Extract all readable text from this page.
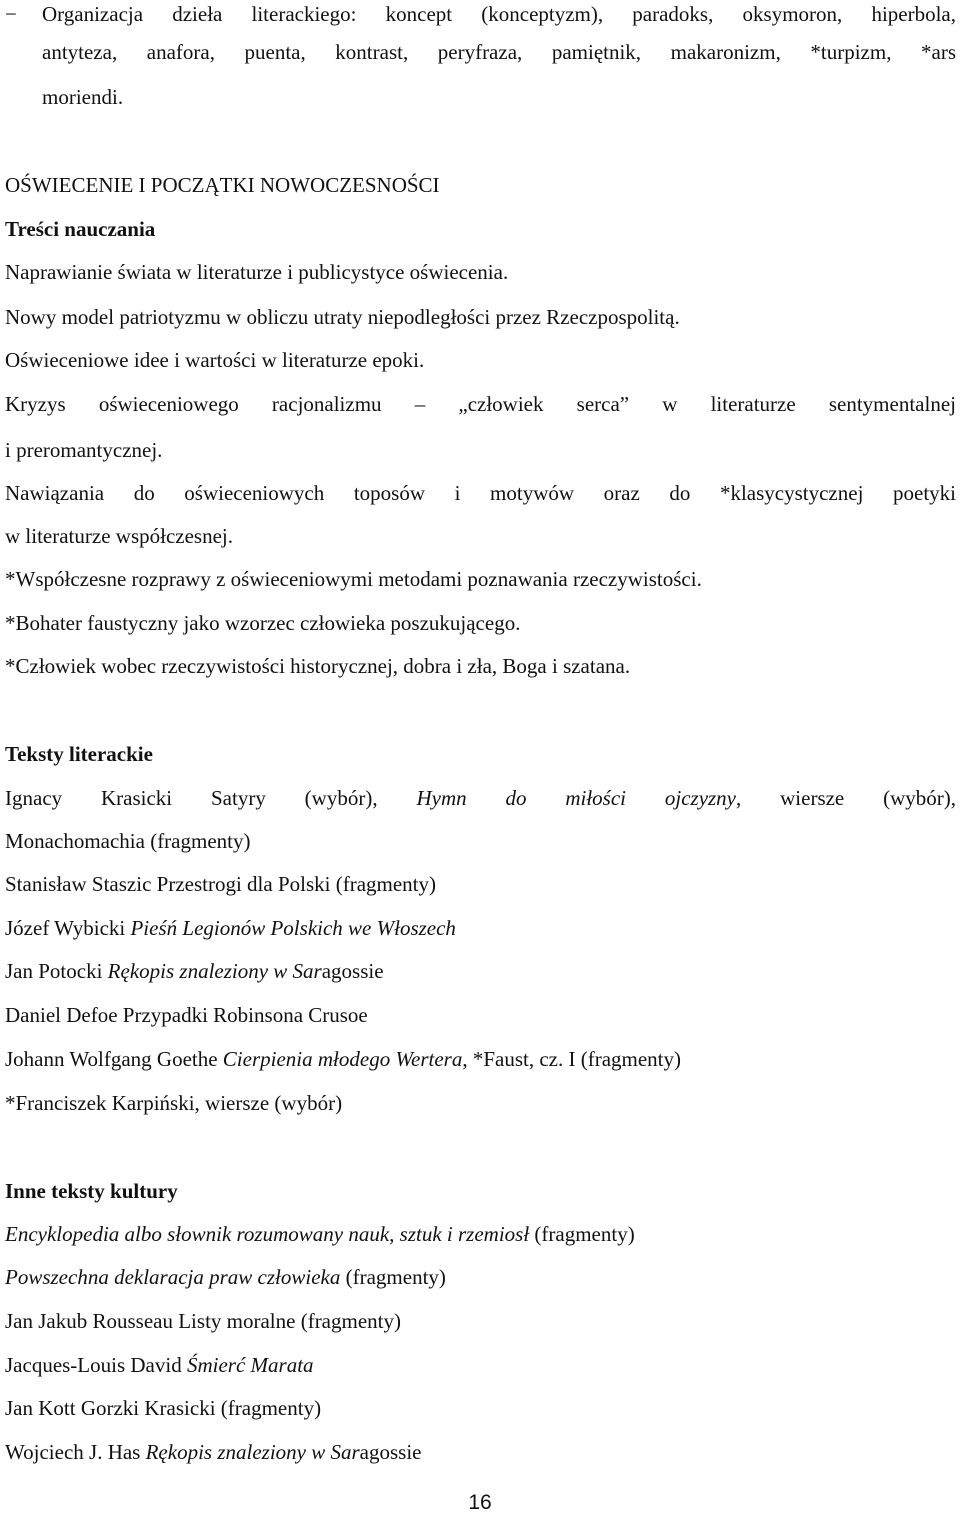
− Organizacja dzieła literackiego: koncept (konceptyzm), paradoks, oksymoron, hiperbola,
antyteza, anafora, puenta, kontrast, peryfraza, pamiętnik, makaronizm, *turpizm, *ars
moriendi.
OŚWIECENIE I POCZĄTKI NOWOCZESNOŚCI
Treści nauczania
Naprawianie świata w literaturze i publicystyce oświecenia.
Nowy model patriotyzmu w obliczu utraty niepodległości przez Rzeczpospolitą.
Oświeceniowe idee i wartości w literaturze epoki.
Kryzys oświeceniowego racjonalizmu – „człowiek serca” w literaturze sentymentalnej
i preromantycznej.
Nawiązania do oświeceniowych toposów i motywów oraz do *klasycystycznej poetyki
w literaturze współczesnej.
*Współczesne rozprawy z oświeceniowymi metodami poznawania rzeczywistości.
*Bohater faustyczny jako wzorzec człowieka poszukującego.
*Człowiek wobec rzeczywistości historycznej, dobra i zła, Boga i szatana.
Teksty literackie
Ignacy Krasicki Satyry (wybór), Hymn do miłości ojczyzny, wiersze (wybór),
Monachomachia (fragmenty)
Stanisław Staszic Przestrogi dla Polski (fragmenty)
Józef Wybicki Pieśń Legionów Polskich we Włoszech
Jan Potocki Rękopis znaleziony w Saragossie
Daniel Defoe Przypadki Robinsona Crusoe
Johann Wolfgang Goethe Cierpienia młodego Wertera, *Faust, cz. I (fragmenty)
*Franciszek Karpiński, wiersze (wybór)
Inne teksty kultury
Encyklopedia albo słownik rozumowany nauk, sztuk i rzemiosł (fragmenty)
Powszechna deklaracja praw człowieka (fragmenty)
Jan Jakub Rousseau Listy moralne (fragmenty)
Jacques-Louis David Śmierć Marata
Jan Kott Gorzki Krasicki (fragmenty)
Wojciech J. Has Rękopis znaleziony w Saragossie
16
